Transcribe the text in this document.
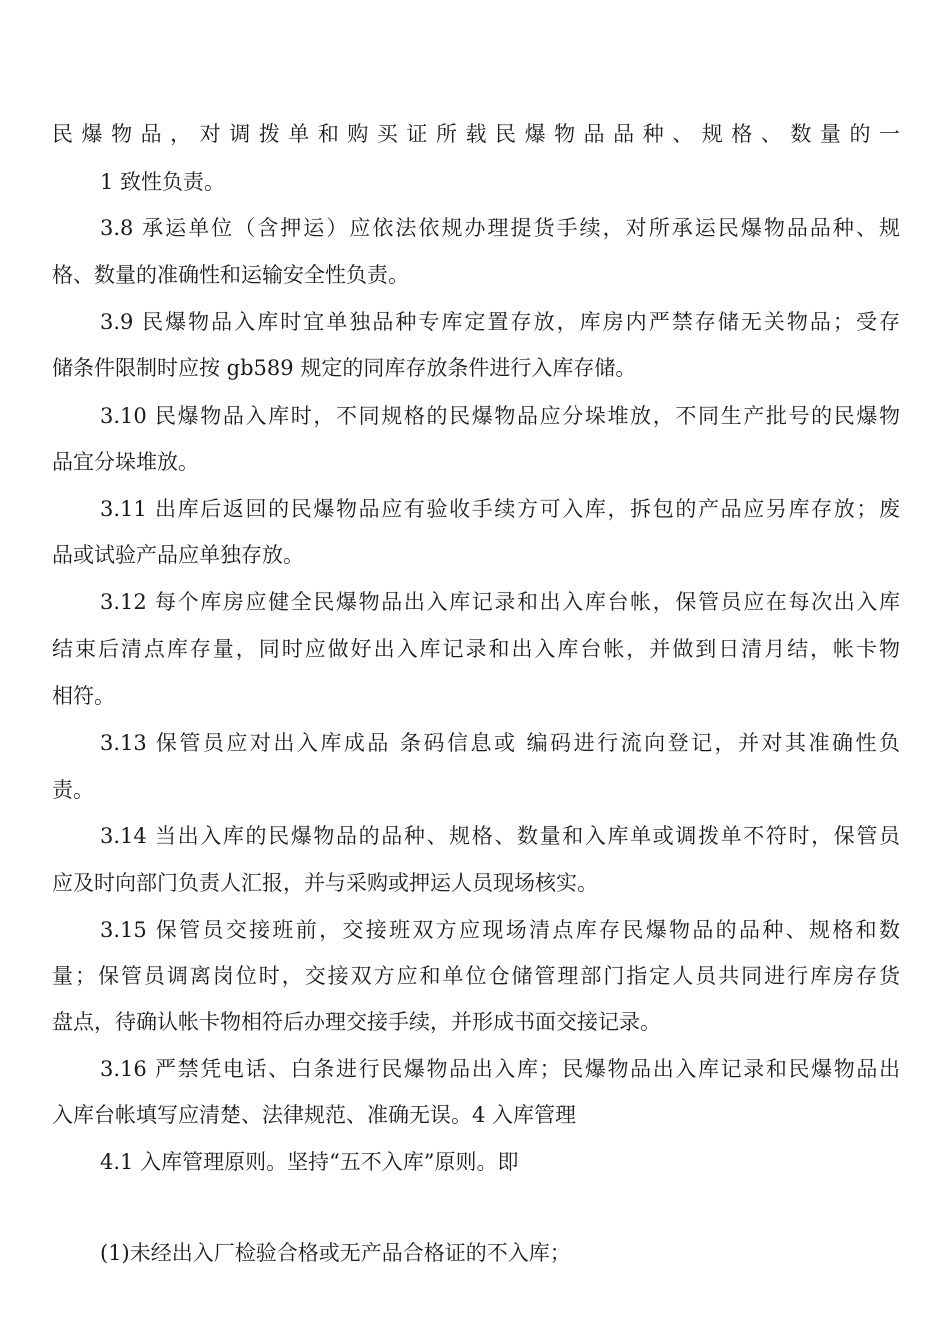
民爆物品，对调拨单和购买证所载民爆物品品种、规格、数量的一
1 致性负责。
3.8 承运单位（含押运）应依法依规办理提货手续，对所承运民爆物品品种、规
格、数量的准确性和运输安全性负责。
3.9 民爆物品入库时宜单独品种专库定置存放，库房内严禁存储无关物品；受存
储条件限制时应按 gb589 规定的同库存放条件进行入库存储。
3.10 民爆物品入库时，不同规格的民爆物品应分垛堆放，不同生产批号的民爆物
品宜分垛堆放。
3.11 出库后返回的民爆物品应有验收手续方可入库，拆包的产品应另库存放；废
品或试验产品应单独存放。
3.12 每个库房应健全民爆物品出入库记录和出入库台帐，保管员应在每次出入库
结束后清点库存量，同时应做好出入库记录和出入库台帐，并做到日清月结，帐卡物
相符。
3.13 保管员应对出入库成品 条码信息或 编码进行流向登记，并对其准确性负
责。
3.14 当出入库的民爆物品的品种、规格、数量和入库单或调拨单不符时，保管员
应及时向部门负责人汇报，并与采购或押运人员现场核实。
3.15 保管员交接班前，交接班双方应现场清点库存民爆物品的品种、规格和数
量；保管员调离岗位时，交接双方应和单位仓储管理部门指定人员共同进行库房存货
盘点，待确认帐卡物相符后办理交接手续，并形成书面交接记录。
3.16 严禁凭电话、白条进行民爆物品出入库；民爆物品出入库记录和民爆物品出
入库台帐填写应清楚、法律规范、准确无误。4 入库管理
4.1 入库管理原则。坚持“五不入库”原则。即
(1)未经出入厂检验合格或无产品合格证的不入库；
